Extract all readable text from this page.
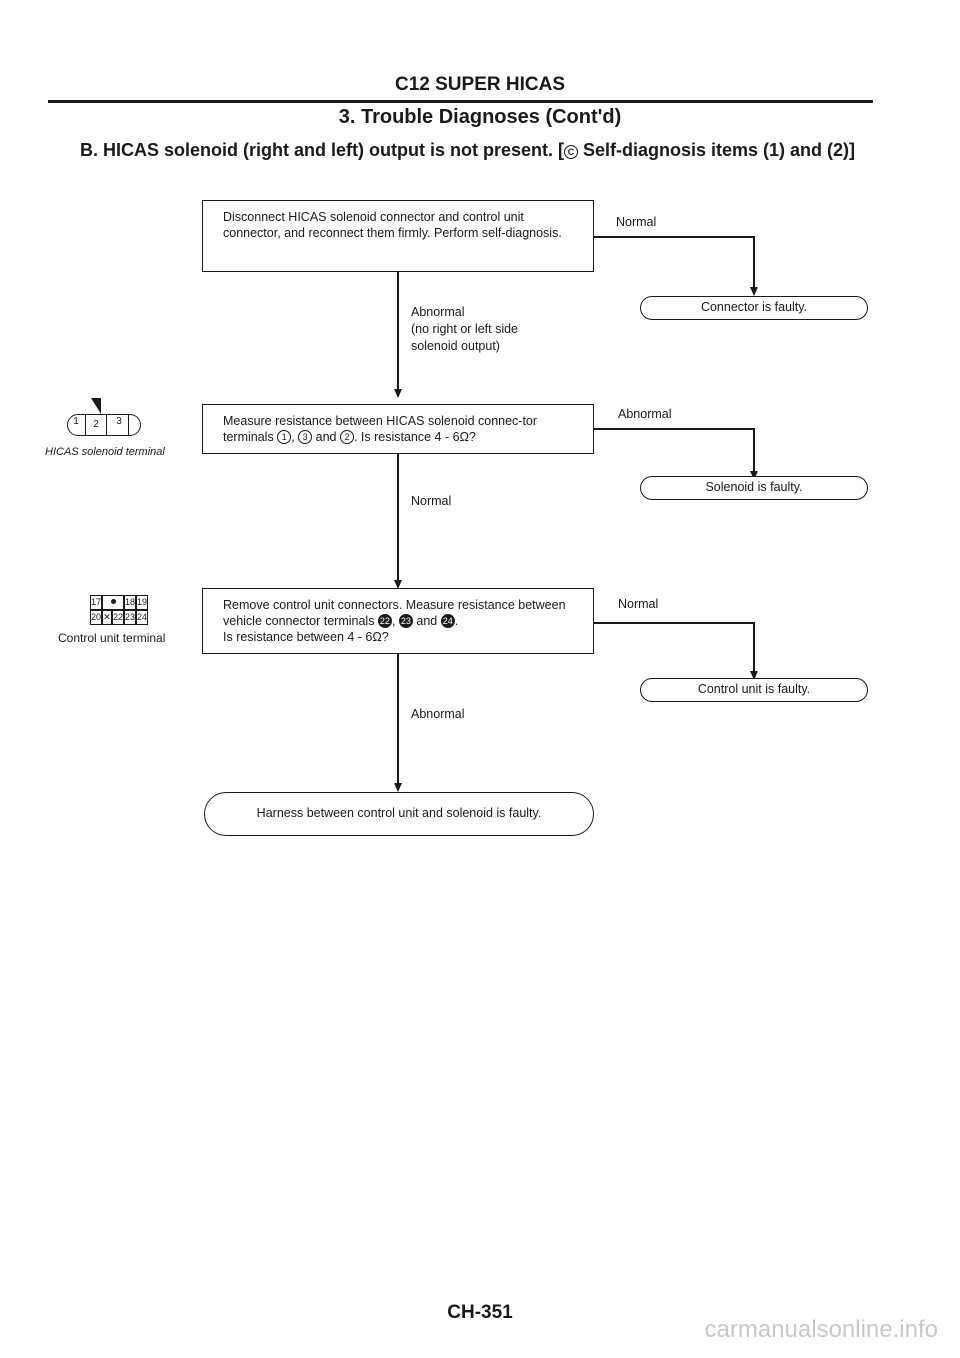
C12 SUPER HICAS
3. Trouble Diagnoses (Cont'd)
B. HICAS solenoid (right and left) output is not present. [ C Self-diagnosis items (1) and (2)]
Disconnect HICAS solenoid connector and control unit connector, and reconnect them firmly. Perform self-diagnosis.
Normal
Connector is faulty.
Abnormal
(no right or left side
solenoid output)
1	2	3
HICAS solenoid terminal
Measure resistance between HICAS solenoid connec-tor terminals 1 , 3 and 2 . Is resistance 4 - 6Ω?
Abnormal
Solenoid is faulty.
Normal
17	18 19
20 ✕ 22 23 24
Control unit terminal
Remove control unit connectors. Measure resistance between vehicle connector terminals 22 , 23 and 24 .
Is resistance between 4 - 6Ω?
Normal
Control unit is faulty.
Abnormal
Harness between control unit and solenoid is faulty.
CH-351
carmanualsonline.info
